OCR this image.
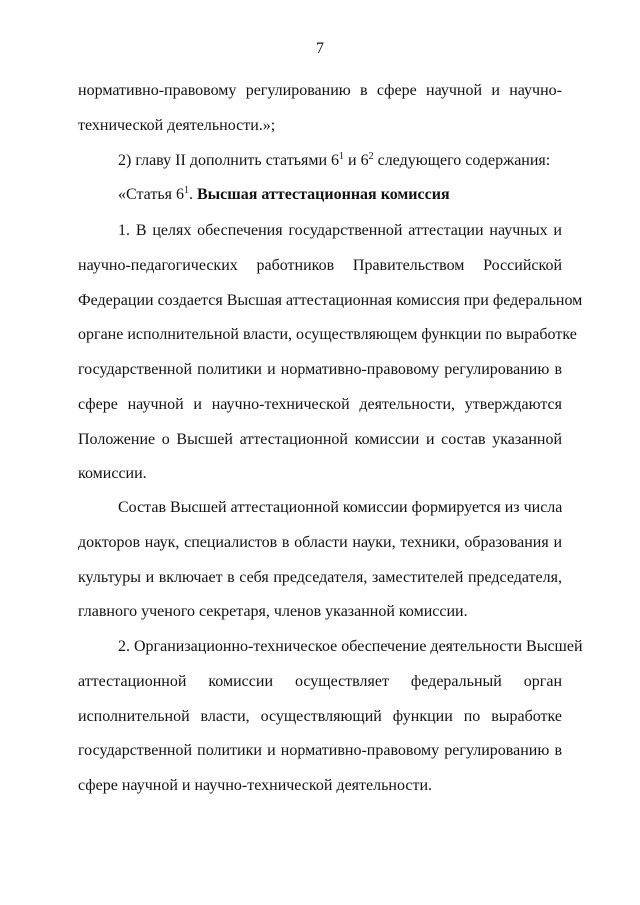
7
нормативно-правовому регулированию в сфере научной и научно-
технической деятельности.»;
2) главу II дополнить статьями $6^1$ и $6^2$ следующего содержания:
«Статья $6^1$. Высшая аттестационная комиссия
1. В целях обеспечения государственной аттестации научных и
научно-педагогических работников Правительством Российской
Федерации создается Высшая аттестационная комиссия при федеральном
органе исполнительной власти, осуществляющем функции по выработке
государственной политики и нормативно-правовому регулированию в
сфере научной и научно-технической деятельности, утверждаются
Положение о Высшей аттестационной комиссии и состав указанной
комиссии.
Состав Высшей аттестационной комиссии формируется из числа
докторов наук, специалистов в области науки, техники, образования и
культуры и включает в себя председателя, заместителей председателя,
главного ученого секретаря, членов указанной комиссии.
2. Организационно-техническое обеспечение деятельности Высшей
аттестационной комиссии осуществляет федеральный орган
исполнительной власти, осуществляющий функции по выработке
государственной политики и нормативно-правовому регулированию в
сфере научной и научно-технической деятельности.
